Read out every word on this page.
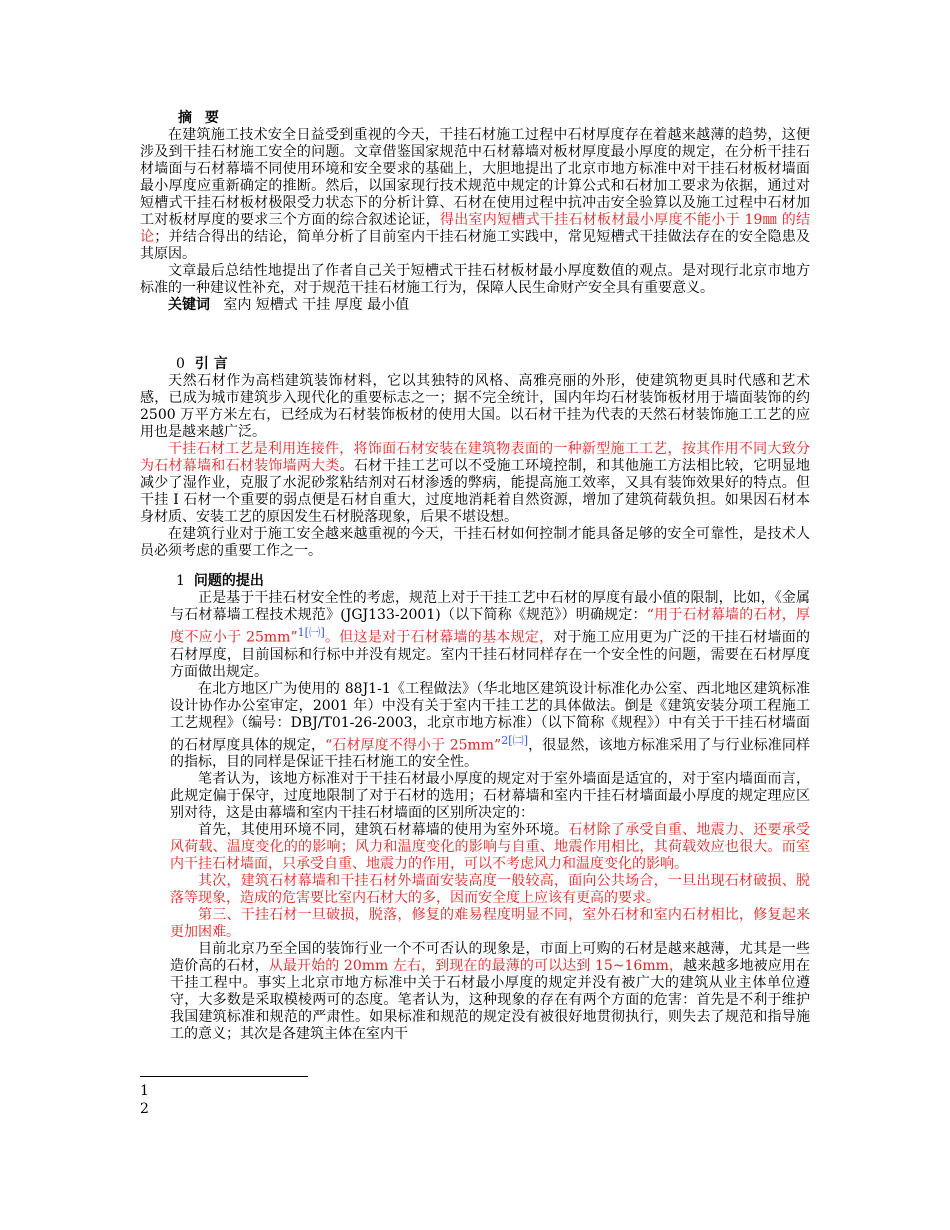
摘 要

在建筑施工技术安全日益受到重视的今天，干挂石材施工过程中石材厚度存在着越来越薄的趋势，这便涉及到干挂石材施工安全的问题。文章借鉴国家规范中石材幕墙对板材厚度最小厚度的规定，在分析干挂石材墙面与石材幕墙不同使用环境和安全要求的基础上，大胆地提出了北京市地方标准中对干挂石材板材墙面最小厚度应重新确定的推断。然后，以国家现行技术规范中规定的计算公式和石材加工要求为依据，通过对短槽式干挂石材板材极限受力状态下的分析计算、石材在使用过程中抗冲击安全验算以及施工过程中石材加工对板材厚度的要求三个方面的综合叙述论证，得出室内短槽式干挂石材板材最小厚度不能小于 19㎜ 的结论；并结合得出的结论，简单分析了目前室内干挂石材施工实践中，常见短槽式干挂做法存在的安全隐患及其原因。

文章最后总结性地提出了作者自己关于短槽式干挂石材板材最小厚度数值的观点。是对现行北京市地方标准的一种建议性补充，对于规范干挂石材施工行为，保障人民生命财产安全具有重要意义。

关键词 室内 短槽式 干挂 厚度 最小值

0 引 言

天然石材作为高档建筑装饰材料，它以其独特的风格、高雅亮丽的外形，使建筑物更具时代感和艺术感，已成为城市建筑步入现代化的重要标志之一；据不完全统计，国内年均石材装饰板材用于墙面装饰的约 2500 万平方米左右，已经成为石材装饰板材的使用大国。以石材干挂为代表的天然石材装饰施工工艺的应用也是越来越广泛。

干挂石材工艺是利用连接件，将饰面石材安装在建筑物表面的一种新型施工工艺，按其作用不同大致分为石材幕墙和石材装饰墙两大类。石材干挂工艺可以不受施工环境控制，和其他施工方法相比较，它明显地减少了湿作业，克服了水泥砂浆粘结剂对石材渗透的弊病，能提高施工效率，又具有装饰效果好的特点。但干挂 I 石材一个重要的弱点便是石材自重大，过度地消耗着自然资源，增加了建筑荷载负担。如果因石材本身材质、安装工艺的原因发生石材脱落现象，后果不堪设想。

在建筑行业对于施工安全越来越重视的今天，干挂石材如何控制才能具备足够的安全可靠性，是技术人员必须考虑的重要工作之一。

1 问题的提出

正是基于干挂石材安全性的考虑，规范上对于干挂工艺中石材的厚度有最小值的限制，比如，《金属与石材幕墙工程技术规范》(JGJ133-2001)（以下简称《规范》）明确规定：“用于石材幕墙的石材，厚度不应小于 25mm”$^{1[㈠]}$。但这是对于石材幕墙的基本规定，对于施工应用更为广泛的干挂石材墙面的石材厚度，目前国标和行标中并没有规定。室内干挂石材同样存在一个安全性的问题，需要在石材厚度方面做出规定。

在北方地区广为使用的 88J1-1《工程做法》（华北地区建筑设计标准化办公室、西北地区建筑标准设计协作办公室审定，2001 年）中没有关于室内干挂工艺的具体做法。倒是《建筑安装分项工程施工工艺规程》（编号：DBJ/T01-26-2003，北京市地方标准）（以下简称《规程》）中有关于干挂石材墙面的石材厚度具体的规定，“石材厚度不得小于 25mm”$^{2[㈡]}$，很显然，该地方标准采用了与行业标准同样的指标，目的同样是保证干挂石材施工的安全性。

笔者认为，该地方标准对于干挂石材最小厚度的规定对于室外墙面是适宜的，对于室内墙面而言，此规定偏于保守，过度地限制了对于石材的选用；石材幕墙和室内干挂石材墙面最小厚度的规定理应区别对待，这是由幕墙和室内干挂石材墙面的区别所决定的：

首先，其使用环境不同，建筑石材幕墙的使用为室外环境。石材除了承受自重、地震力、还要承受风荷载、温度变化的的影响；风力和温度变化的影响与自重、地震作用相比，其荷载效应也很大。而室内干挂石材墙面，只承受自重、地震力的作用，可以不考虑风力和温度变化的影响。

其次，建筑石材幕墙和干挂石材外墙面安装高度一般较高，面向公共场合，一旦出现石材破损、脱落等现象，造成的危害要比室内石材大的多，因而安全度上应该有更高的要求。

第三、干挂石材一旦破损，脱落，修复的难易程度明显不同，室外石材和室内石材相比，修复起来更加困难。

目前北京乃至全国的装饰行业一个不可否认的现象是，市面上可购的石材是越来越薄，尤其是一些造价高的石材，从最开始的 20mm 左右，到现在的最薄的可以达到 15~16mm，越来越多地被应用在干挂工程中。事实上北京市地方标准中关于石材最小厚度的规定并没有被广大的建筑从业主体单位遵守，大多数是采取模棱两可的态度。笔者认为，这种现象的存在有两个方面的危害：首先是不利于维护我国建筑标准和规范的严肃性。如果标准和规范的规定没有被很好地贯彻执行，则失去了规范和指导施工的意义；其次是各建筑主体在室内干

1
2
